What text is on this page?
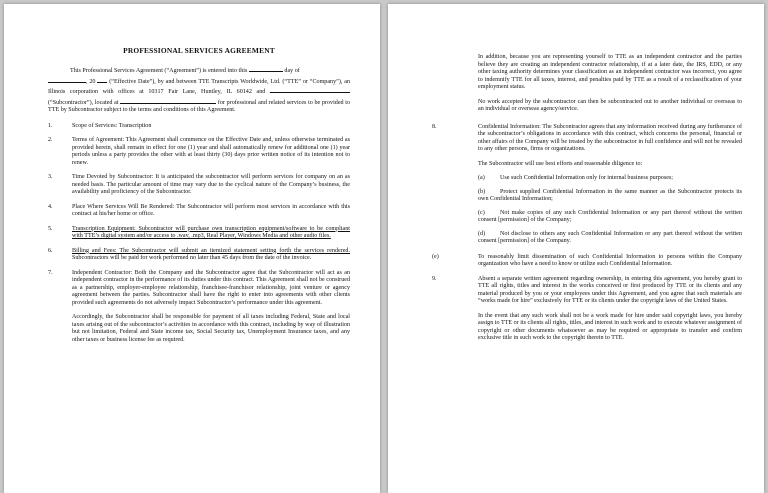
PROFESSIONAL SERVICES AGREEMENT

This Professional Services Agreement (“Agreement”) is entered into this	day of
, 20 (“Effective Date”), by and between TTE Transcripts Worldwide, Ltd. (“TTE” or “Company”), an Illinois corporation with offices at 10317 Fair Lane, Huntley, IL 60142 and  (“Subcontractor”), located at	for professional and related services to be provided to TTE by Subcontractor subject to the terms and conditions of this Agreement.

1.	Scope of Services: Transcription
2.	Terms of Agreement: This Agreement shall commence on the Effective Date and, unless otherwise terminated as provided herein, shall remain in effect for one (1) year and shall automatically renew for additional one (1) year periods unless a party provides the other with at least thirty (30) days prior written notice of its intention not to renew.
3.	Time Devoted by Subcontractor: It is anticipated the subcontractor will perform services for company on an as needed basis. The particular amount of time may vary due to the cyclical nature of the Company’s business, the availability and proficiency of the Subcontractor.
4.	Place Where Services Will Be Rendered: The Subcontractor will perform most services in accordance with this contract at his/her home or office.
5.	Transcription Equipment: Subcontractor will purchase own transcription equipment/software to be compliant with TTE’s digital system and/or access to .wav, .mp3, Real Player, Windows Media and other audio files.
6.	Billing and Fees: The Subcontractor will submit an itemized statement setting forth the services rendered. Subcontractors will be paid for work performed no later than 45 days from the date of the invoice.
7.	Independent Contractor: Both the Company and the Subcontractor agree that the Subcontractor will act as an independent contractor in the performance of its duties under this contract. This Agreement shall not be construed as a partnership, employer-employee relationship, franchisee-franchisor relationship, joint venture or agency agreement between the parties. Subcontractor shall have the right to enter into agreements with other clients provided such agreements do not adversely impact Subcontractor’s performance under this agreement.

Accordingly, the Subcontractor shall be responsible for payment of all taxes including Federal, State and local taxes arising out of the subcontractor’s activities in accordance with this contract, including by way of illustration but not limitation, Federal and State income tax, Social Security tax, Unemployment Insurance taxes, and any other taxes or business license fee as required.

In addition, because you are representing yourself to TTE as an independent contractor and the parties believe they are creating an independent contractor relationship, if at a later date, the IRS, EDD, or any other taxing authority determines your classification as an independent contractor was incorrect, you agree to indemnify TTE for all taxes, interest, and penalties paid by TTE as a result of a reclassification of your employment status.

No work accepted by the subcontractor can then be subcontracted out to another individual or overseas to an individual or overseas agency/service.

8.	Confidential Information: The Subcontractor agrees that any information received during any furtherance of the subcontractor’s obligations in accordance with this contract, which concerns the personal, financial or other affairs of the Company will be treated by the subcontractor in full confidence and will not be revealed to any other persons, firms or organizations.

The Subcontractor will use best efforts and reasonable diligence to:

(a)	Use such Confidential Information only for internal business purposes;

(b) Protect supplied Confidential Information in the same manner as the Subcontractor protects its own Confidential Information;

(c) Not make copies of any such Confidential Information or any part thereof without the written consent [permission] of the Company;

(d) Not disclose to others any such Confidential Information or any part thereof without the written consent [permission] of the Company.

(e)	To reasonably limit dissemination of such Confidential Information to persons within the Company organization who have a need to know or utilize such Confidential Information.
9.	Absent a separate written agreement regarding ownership, in entering this agreement, you hereby grant to TTE all rights, titles and interest in the works conceived or first produced by TTE or its clients and any material produced by you or your employees under this Agreement, and you agree that such materials are “works made for hire” exclusively for TTE or its clients under the copyright laws of the United States.

In the event that any such work shall not be a work made for hire under said copyright laws, you hereby assign to TTE or its clients all rights, titles, and interest in such work and to execute whatever assignment of copyright or other documents whatsoever as may be required or appropriate to transfer and confirm exclusive title in such work to the copyright therein to TTE.
